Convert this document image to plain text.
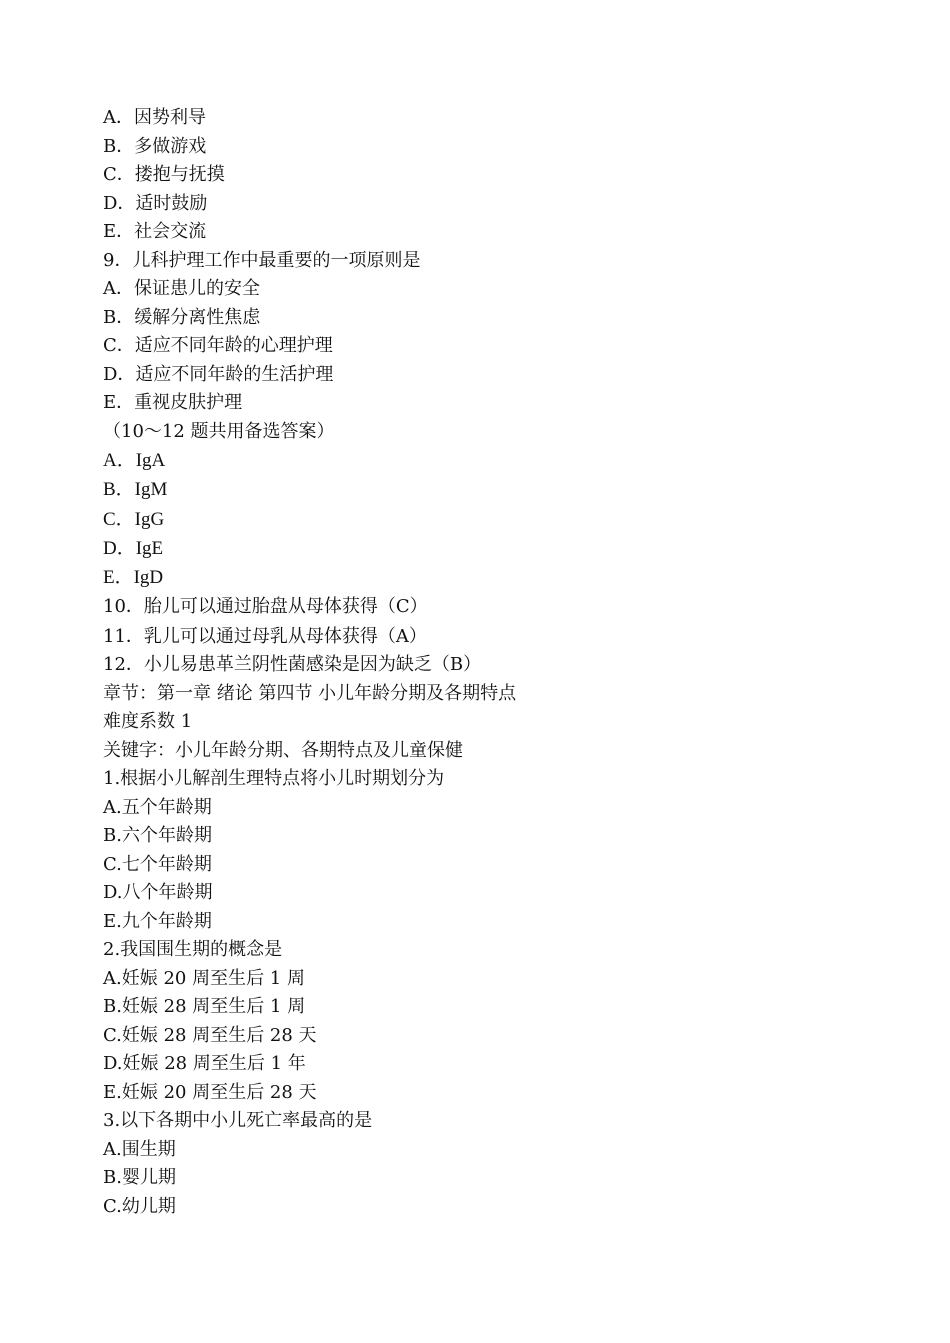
A．因势利导
B．多做游戏
C．搂抱与抚摸
D．适时鼓励
E．社会交流
9．儿科护理工作中最重要的一项原则是
A．保证患儿的安全
B．缓解分离性焦虑
C．适应不同年龄的心理护理
D．适应不同年龄的生活护理
E．重视皮肤护理
（10～12 题共用备选答案）
A．IgA
B．IgM
C．IgG
D．IgE
E．IgD
10．胎儿可以通过胎盘从母体获得（C）
11．乳儿可以通过母乳从母体获得（A）
12．小儿易患革兰阴性菌感染是因为缺乏（B）
章节：第一章 绪论 第四节 小儿年龄分期及各期特点
难度系数 1
关键字：小儿年龄分期、各期特点及儿童保健
1.根据小儿解剖生理特点将小儿时期划分为
A.五个年龄期
B.六个年龄期
C.七个年龄期
D.八个年龄期
E.九个年龄期
2.我国围生期的概念是
A.妊娠 20 周至生后 1 周
B.妊娠 28 周至生后 1 周
C.妊娠 28 周至生后 28 天
D.妊娠 28 周至生后 1 年
E.妊娠 20 周至生后 28 天
3.以下各期中小儿死亡率最高的是
A.围生期
B.婴儿期
C.幼儿期
